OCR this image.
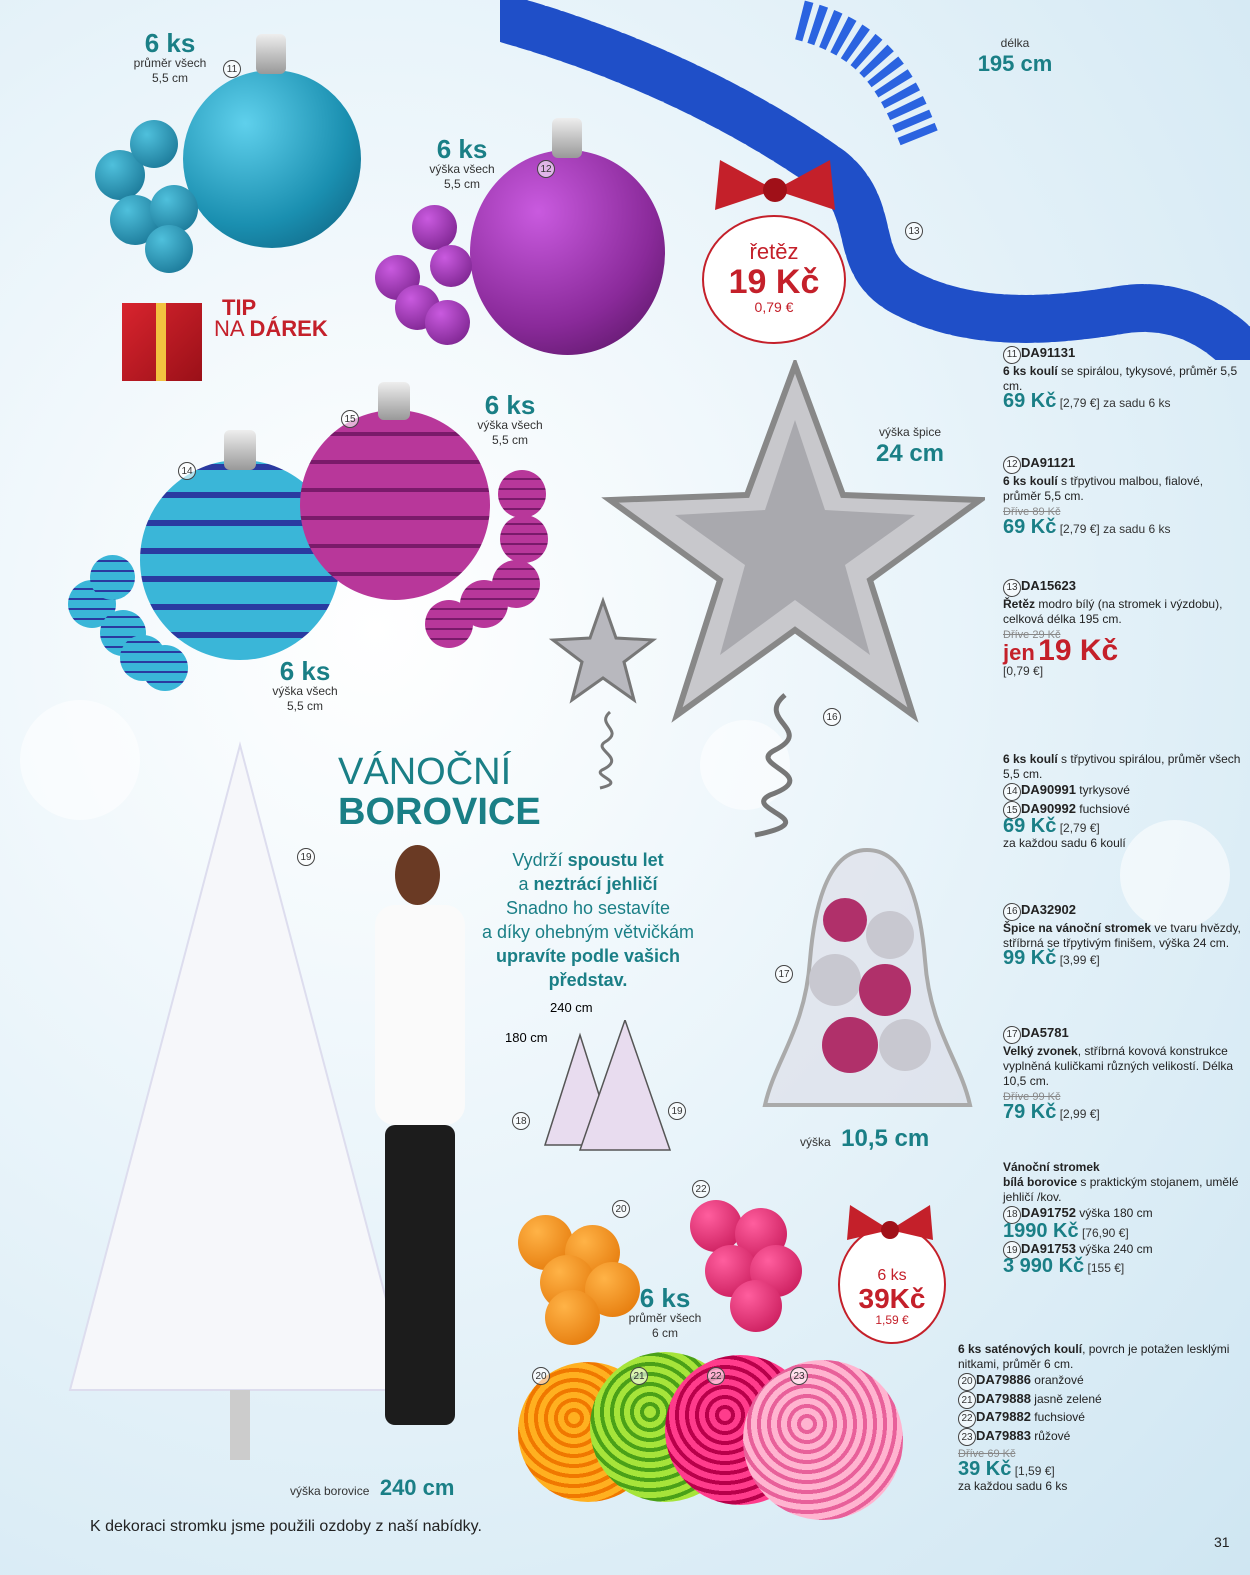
6 ks
průměr všech
5,5 cm
11
6 ks
výška všech
5,5 cm
12
délka
195 cm
13
řetěz
19 Kč
0,79 €
TIP
NA DÁREK
14
15	6 ks
výška všech
5,5 cm
6 ks
výška všech
5,5 cm
výška špice
24 cm
16
17
výška 10,5 cm
19
výška borovice 240 cm
VÁNOČNÍ
BOROVICE
Vydrží spoustu let
a neztrácí jehličí
Snadno ho sestavíte
a díky ohebným větvičkám
upravíte podle vašich
představ.
240 cm
180 cm
18
19
20
22
6 ks
průměr všech
6 cm
6 ks
39Kč
1,59 €
20	21	22	23
11 DA91131
6 ks koulí se spirálou, tykysové, průměr 5,5 cm.
69 Kč [2,79 €] za sadu 6 ks
12 DA91121
6 ks koulí s třpytivou malbou, fialové, průměr 5,5 cm.
Dříve 89 Kč
69 Kč [2,79 €] za sadu 6 ks
13 DA15623
Řetěz modro bílý (na stromek i výzdobu), celková délka 195 cm.
Dříve 29 Kč
jen 19 Kč
[0,79 €]
6 ks koulí s třpytivou spirálou, průměr všech 5,5 cm.
14 DA90991 tyrkysové
15 DA90992 fuchsiové
69 Kč [2,79 €]
za každou sadu 6 koulí
16 DA32902
Špice na vánoční stromek ve tvaru hvězdy, stříbrná se třpytivým finišem, výška 24 cm.
99 Kč [3,99 €]
17 DA5781
Velký zvonek, stříbrná kovová konstrukce vyplněná kuličkami různých velikostí. Délka 10,5 cm.
Dříve 99 Kč
79 Kč [2,99 €]
Vánoční stromek
bílá borovice s praktickým stojanem, umělé jehličí /kov.
18 DA91752 výška 180 cm
1990 Kč [76,90 €]
19 DA91753 výška 240 cm
3 990 Kč [155 €]
6 ks saténových koulí, povrch je potažen lesklými nitkami, průměr 6 cm.
20 DA79886 oranžové
21 DA79888 jasně zelené
22 DA79882 fuchsiové
23 DA79883 růžové
Dříve 69 Kč
39 Kč [1,59 €]
za každou sadu 6 ks
K dekoraci stromku jsme použili ozdoby z naší nabídky.
31
